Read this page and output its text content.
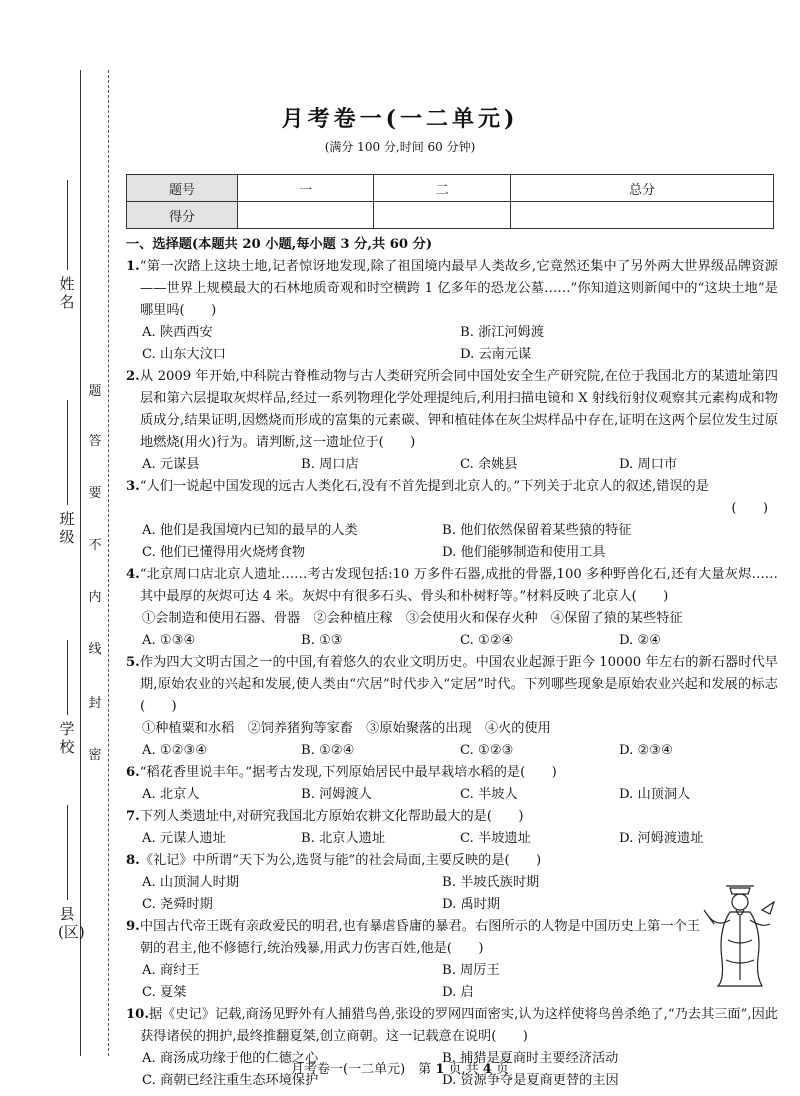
姓名
班级
学校
县(区)
题
答
要
不
内
线
封
密
月考卷一(一二单元)
(满分 100 分,时间 60 分钟)
题号	一	二	总分
得分			

一、选择题(本题共 20 小题,每小题 3 分,共 60 分)

1.“第一次踏上这块土地,记者惊讶地发现,除了祖国境内最早人类故乡,它竟然还集中了另外两大世界级品牌资源——世界上规模最大的石林地质奇观和时空横跨 1 亿多年的恐龙公墓……”你知道这则新闻中的“这块土地”是哪里吗(　　)

A. 陕西西安	B. 浙江河姆渡
C. 山东大汶口	D. 云南元谋

2.从 2009 年开始,中科院古脊椎动物与古人类研究所会同中国处安全生产研究院,在位于我国北方的某遗址第四层和第六层提取灰烬样品,经过一系列物理化学处理提纯后,利用扫描电镜和 X 射线衍射仪观察其元素构成和物质成分,结果证明,因燃烧而形成的富集的元素碳、钾和植硅体在灰尘烬样品中存在,证明在这两个层位发生过原地燃烧(用火)行为。请判断,这一遗址位于(　　)

A. 元谋县	B. 周口店	C. 余姚县	D. 周口市

3.“人们一说起中国发现的远古人类化石,没有不首先提到北京人的。”下列关于北京人的叙述,错误的是

(　　)

A. 他们是我国境内已知的最早的人类	B. 他们依然保留着某些猿的特征
C. 他们已懂得用火烧烤食物	D. 他们能够制造和使用工具

4.“北京周口店北京人遗址……考古发现包括:10 万多件石器,成批的骨器,100 多种野兽化石,还有大量灰烬……其中最厚的灰烬可达 4 米。灰烬中有很多石头、骨头和朴树籽等。”材料反映了北京人(　　)

①会制造和使用石器、骨器　②会种植庄稼　③会使用火和保存火种　④保留了猿的某些特征

A. ①③④	B. ①③	C. ①②④	D. ②④

5.作为四大文明古国之一的中国,有着悠久的农业文明历史。中国农业起源于距今 10000 年左右的新石器时代早期,原始农业的兴起和发展,使人类由“穴居”时代步入“定居”时代。下列哪些现象是原始农业兴起和发展的标志(　　)

①种植粟和水稻　②饲养猪狗等家畜　③原始聚落的出现　④火的使用

A. ①②③④	B. ①②④	C. ①②③	D. ②③④

6.“稻花香里说丰年。”据考古发现,下列原始居民中最早栽培水稻的是(　　)

A. 北京人	B. 河姆渡人	C. 半坡人	D. 山顶洞人

7.下列人类遗址中,对研究我国北方原始农耕文化帮助最大的是(　　)

A. 元谋人遗址	B. 北京人遗址	C. 半坡遗址	D. 河姆渡遗址

8.《礼记》中所谓“天下为公,选贤与能”的社会局面,主要反映的是(　　)

A. 山顶洞人时期	B. 半坡氏族时期
C. 尧舜时期	D. 禹时期

9.中国古代帝王既有亲政爱民的明君,也有暴虐昏庸的暴君。右图所示的人物是中国历史上第一个王朝的君主,他不修德行,统治残暴,用武力伤害百姓,他是(　　)

A. 商纣王	B. 周厉王
C. 夏桀	D. 启

10.据《史记》记载,商汤见野外有人捕猎鸟兽,张设的罗网四面密实,认为这样使将鸟兽杀绝了,“乃去其三面”,因此获得诸侯的拥护,最终推翻夏桀,创立商朝。这一记载意在说明(　　)

A. 商汤成功缘于他的仁德之心	B. 捕猎是夏商时主要经济活动
C. 商朝已经注重生态环境保护	D. 资源争夺是夏商更替的主因
月考卷一(一二单元)　第 1 页,共 4 页
